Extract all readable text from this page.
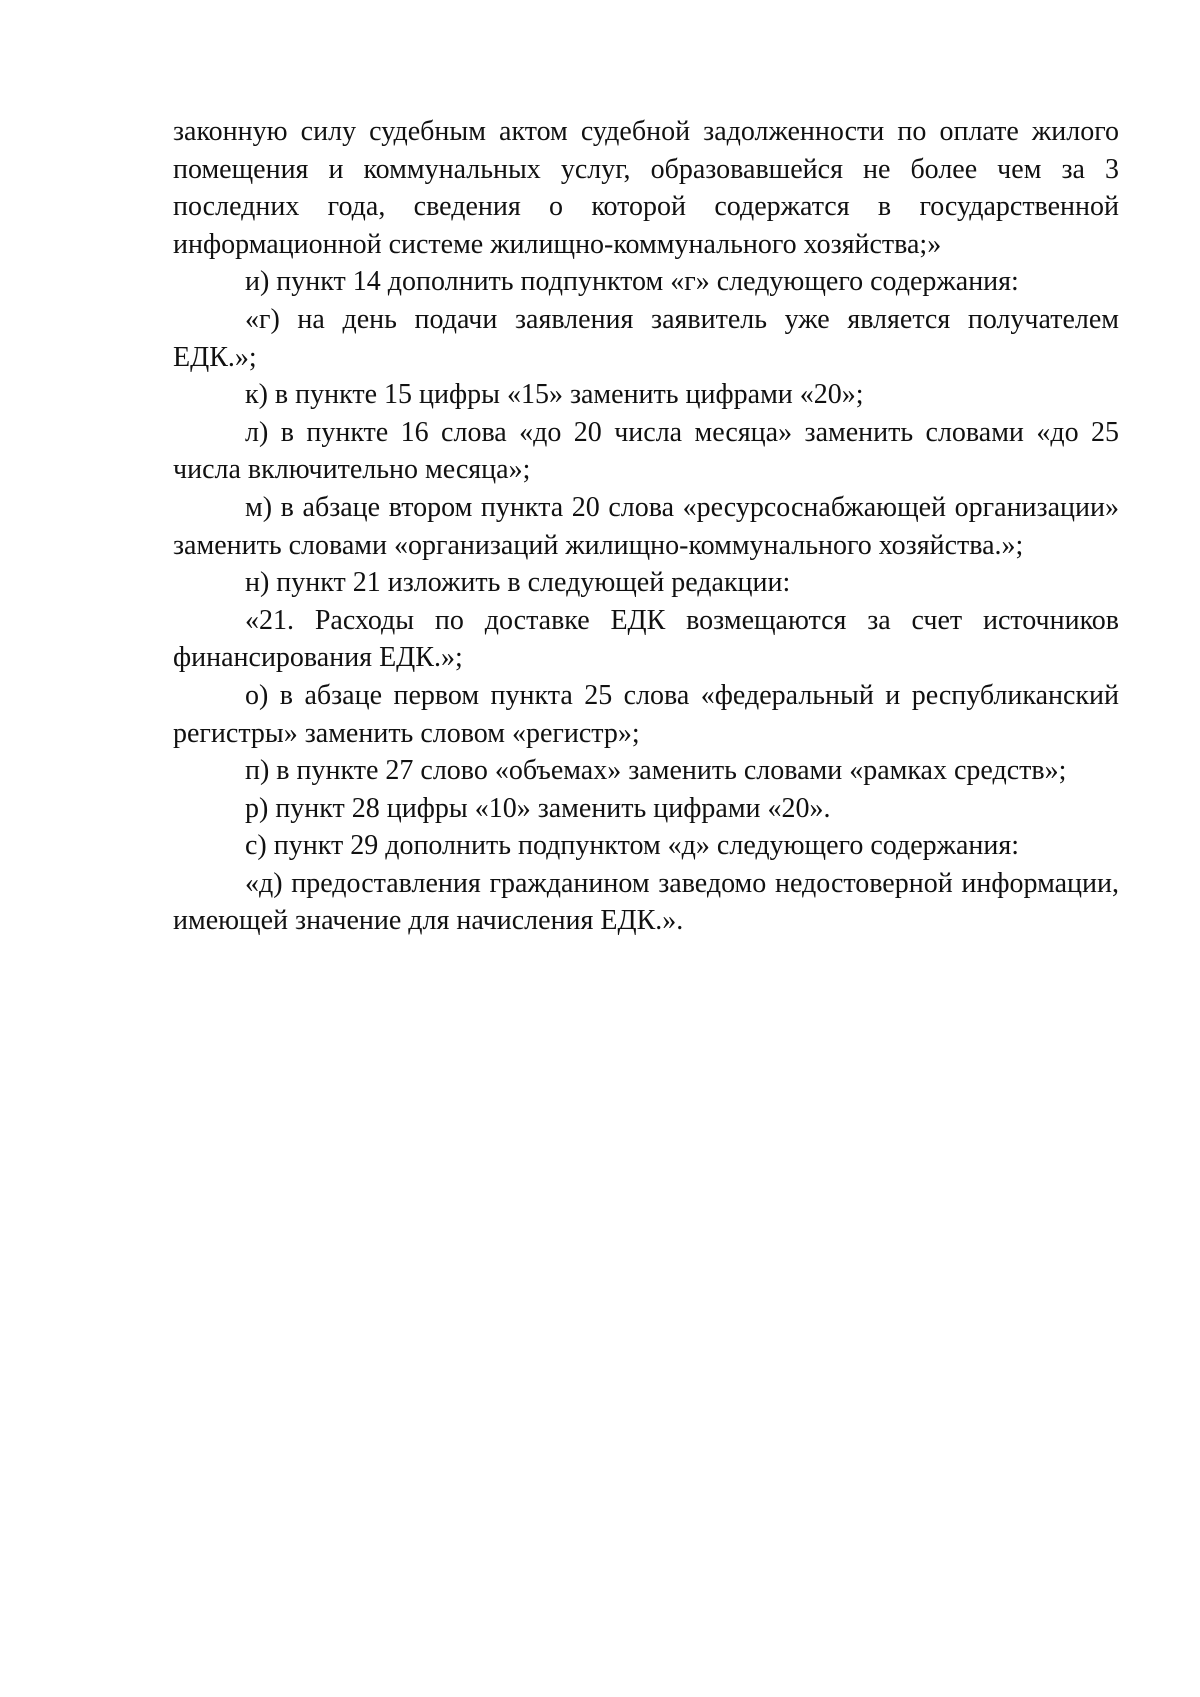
законную силу судебным актом судебной задолженности по оплате жилого помещения и коммунальных услуг, образовавшейся не более чем за 3 последних года, сведения о которой содержатся в государственной информационной системе жилищно-коммунального хозяйства;»

и) пункт 14 дополнить подпунктом «г» следующего содержания:

«г) на день подачи заявления заявитель уже является получателем ЕДК.»;

к) в пункте 15 цифры «15» заменить цифрами «20»;

л) в пункте 16 слова «до 20 числа месяца» заменить словами «до 25 числа включительно месяца»;

м) в абзаце втором пункта 20 слова «ресурсоснабжающей организации» заменить словами «организаций жилищно-коммунального хозяйства.»;

н) пункт 21 изложить в следующей редакции:

«21. Расходы по доставке ЕДК возмещаются за счет источников финансирования ЕДК.»;

о) в абзаце первом пункта 25 слова «федеральный и республиканский регистры» заменить словом «регистр»;

п) в пункте 27 слово «объемах» заменить словами «рамках средств»;

р) пункт 28 цифры «10» заменить цифрами «20».

с) пункт 29 дополнить подпунктом «д» следующего содержания:

«д) предоставления гражданином заведомо недостоверной информации, имеющей значение для начисления ЕДК.».
